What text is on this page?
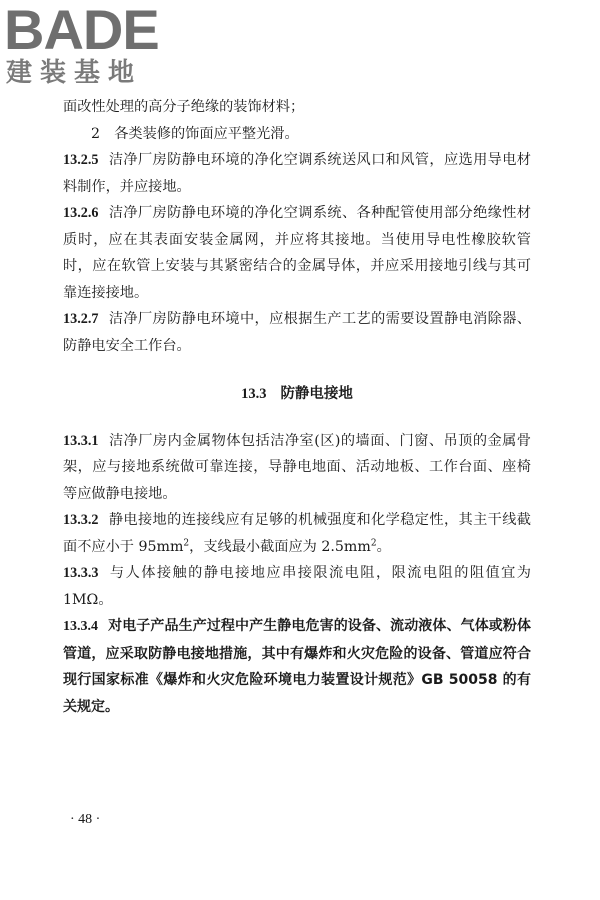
BADE
建装基地

面改性处理的高分子绝缘的装饰材料；

2　各类装修的饰面应平整光滑。

13.2.5 洁净厂房防静电环境的净化空调系统送风口和风管，应选用导电材料制作，并应接地。

13.2.6 洁净厂房防静电环境的净化空调系统、各种配管使用部分绝缘性材质时，应在其表面安装金属网，并应将其接地。当使用导电性橡胶软管时，应在软管上安装与其紧密结合的金属导体，并应采用接地引线与其可靠连接接地。

13.2.7 洁净厂房防静电环境中，应根据生产工艺的需要设置静电消除器、防静电安全工作台。

13.3 防静电接地

13.3.1 洁净厂房内金属物体包括洁净室(区)的墙面、门窗、吊顶的金属骨架，应与接地系统做可靠连接，导静电地面、活动地板、工作台面、座椅等应做静电接地。

13.3.2 静电接地的连接线应有足够的机械强度和化学稳定性，其主干线截面不应小于 $95mm^2$，支线最小截面应为 $2.5mm^2$。

13.3.3 与人体接触的静电接地应串接限流电阻，限流电阻的阻值宜为 1MΩ。

13.3.4 对电子产品生产过程中产生静电危害的设备、流动液体、气体或粉体管道，应采取防静电接地措施，其中有爆炸和火灾危险的设备、管道应符合现行国家标准《爆炸和火灾危险环境电力装置设计规范》GB 50058 的有关规定。

· 48 ·
